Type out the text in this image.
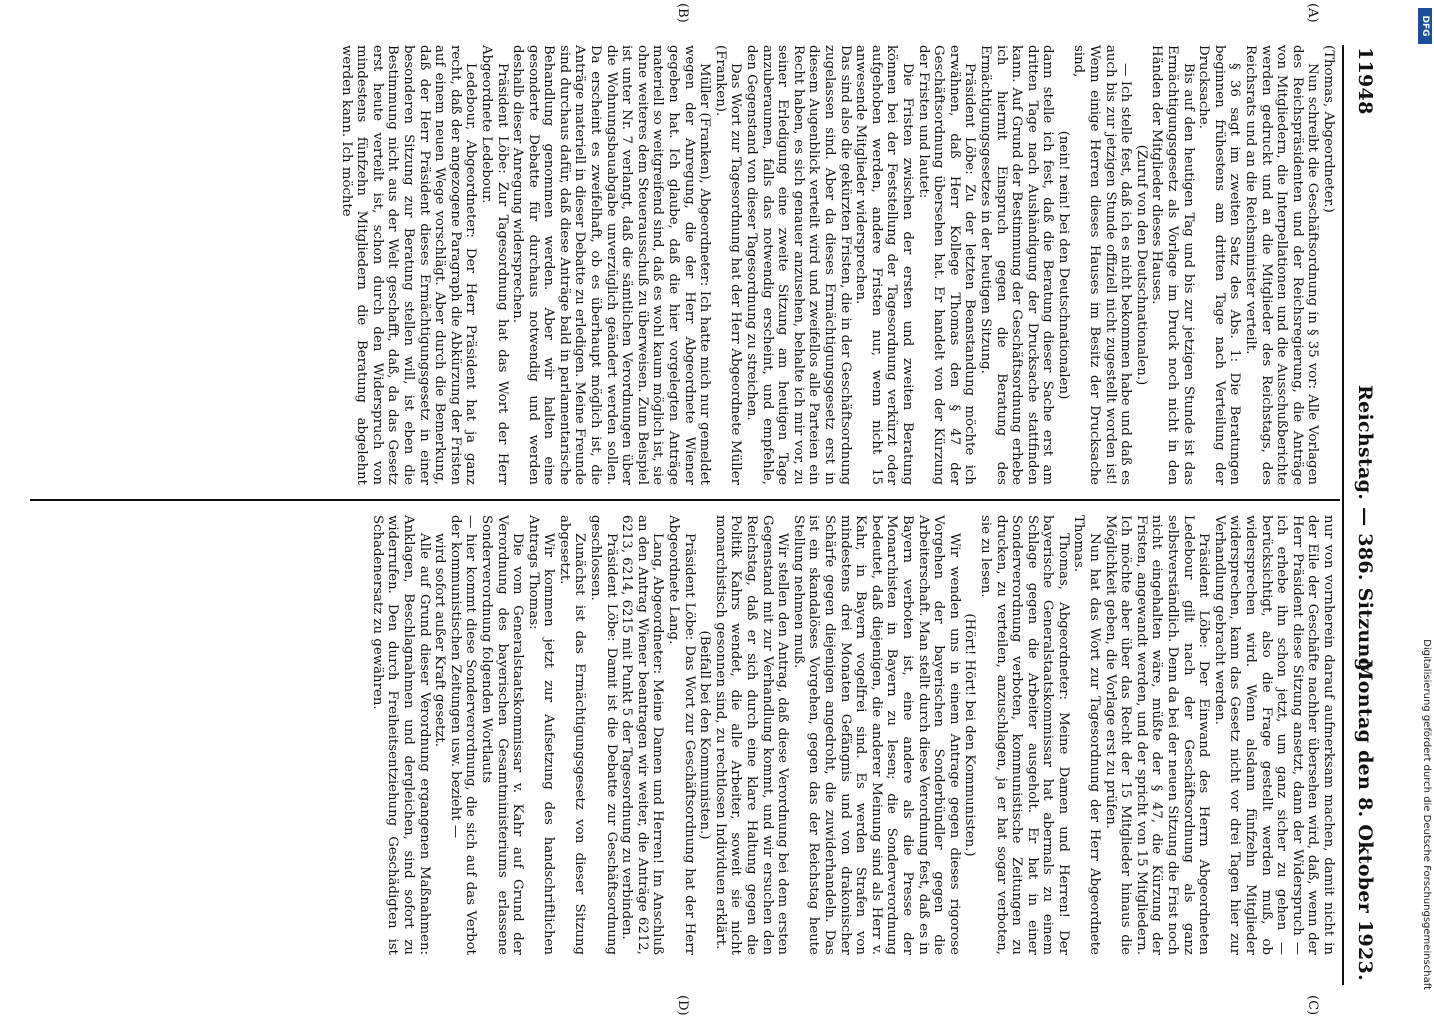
11948
Reichstag. — 386. Sitzung.
Montag den 8. Oktober 1923.

(Thomas, Abgeordneter.)

Nun schreibt die Geschäftsordnung in § 35 vor: Alle Vorlagen des Reichspräsidenten und der Reichsregierung, die Anträge von Mitgliedern, die Interpellationen und die Ausschußberichte werden gedruckt und an die Mitglieder des Reichstags, des Reichsrats und an die Reichsminister verteilt.

§ 36 sagt im zweiten Satz des Abs. 1: Die Beratungen beginnen frühestens am dritten Tage nach Verteilung der Drucksache.

Bis auf den heutigen Tag und bis zur jetzigen Stunde ist das Ermächtigungsgesetz als Vorlage im Druck noch nicht in den Händen der Mitglieder dieses Hauses.

(Zuruf von den Deutschnationalen.)

— Ich stelle fest, daß ich es nicht bekommen habe und daß es auch bis zur jetzigen Stunde offiziell nicht zugestellt worden ist! Wenn einige Herren dieses Hauses im Besitz der Drucksache sind,

(nein! nein! bei den Deutschnationalen)

dann stelle ich fest, daß die Beratung dieser Sache erst am dritten Tage nach Aushändigung der Drucksache stattfinden kann. Auf Grund der Bestimmung der Geschäftsordnung erhebe ich hiermit Einspruch gegen die Beratung des Ermächtigungsgesetzes in der heutigen Sitzung.

Präsident Löbe: Zu der letzten Beanstandung möchte ich erwähnen, daß Herr Kollege Thomas den § 47 der Geschäftsordnung übersehen hat. Er handelt von der Kürzung der Fristen und lautet:

Die Fristen zwischen der ersten und zweiten Beratung können bei der Feststellung der Tagesordnung verkürzt oder aufgehoben werden, andere Fristen nur, wenn nicht 15 anwesende Mitglieder widersprechen.

Das sind also die gekürzten Fristen, die in der Geschäftsordnung zugelassen sind. Aber da dieses Ermächtigungsgesetz erst in diesem Augenblick verteilt wird und zweifellos alle Parteien ein Recht haben, es sich genauer anzusehen, behalte ich mir vor, zu seiner Erledigung eine zweite Sitzung am heutigen Tage anzuberaumen, falls das notwendig erscheint, und empfehle, den Gegenstand von dieser Tagesordnung zu streichen.

Das Wort zur Tagesordnung hat der Herr Abgeordnete Müller (Franken).

Müller (Franken), Abgeordneter: Ich hatte mich nur gemeldet wegen der Anregung, die der Herr Abgeordnete Wiener gegeben hat. Ich glaube, daß die hier vorgelegten Anträge materiell so weitgreifend sind, daß es wohl kaum möglich ist, sie ohne weiteres dem Steuerausschuß zu überweisen. Zum Beispiel ist unter Nr. 7 verlangt, daß die sämtlichen Verordnungen über die Wohnungsbauabgabe unverzüglich geändert werden sollen. Da erscheint es zweifelhaft, ob es überhaupt möglich ist, die Anträge materiell in dieser Debatte zu erledigen. Meine Freunde sind durchaus dafür, daß diese Anträge bald in parlamentarische Behandlung genommen werden. Aber wir halten eine gesonderte Debatte für durchaus notwendig und werden deshalb dieser Anregung widersprechen.

Präsident Löbe: Zur Tagesordnung hat das Wort der Herr Abgeordnete Ledebour.

Ledebour, Abgeordneter: Der Herr Präsident hat ja ganz recht, daß der angezogene Paragraph die Abkürzung der Fristen auf einem neuen Wege vorschlägt. Aber durch die Bemerkung, daß der Herr Präsident dieses Ermächtigungsgesetz in einer besonderen Sitzung zur Beratung stellen will, ist eben die Bestimmung nicht aus der Welt geschafft, daß, da das Gesetz erst heute verteilt ist, schon durch den Widerspruch von mindestens fünfzehn Mitgliedern die Beratung abgelehnt werden kann. Ich möchte

nur von vornherein darauf aufmerksam machen, damit nicht in der Eile der Geschäfte nachher übersehen wird, daß, wenn der Herr Präsident diese Sitzung ansetzt, dann der Widerspruch — ich erhebe ihn schon jetzt, um ganz sicher zu gehen — berücksichtigt, also die Frage gestellt werden muß, ob widersprechen wird. Wenn alsdann fünfzehn Mitglieder widersprechen, kann das Gesetz nicht vor drei Tagen hier zur Verhandlung gebracht werden.

Präsident Löbe: Der Einwand des Herrn Abgeordneten Ledebour gilt nach der Geschäftsordnung als ganz selbstverständlich. Denn da bei der neuen Sitzung die Frist noch nicht eingehalten wäre, müßte der § 47, die Kürzung der Fristen, angewandt werden, und der spricht von 15 Mitgliedern. Ich möchte aber über das Recht der 15 Mitglieder hinaus die Möglichkeit geben, die Vorlage erst zu prüfen.

Nun hat das Wort zur Tagesordnung der Herr Abgeordnete Thomas.

Thomas, Abgeordneter: Meine Damen und Herren! Der bayerische Generalstaatskommissar hat abermals zu einem Schlage gegen die Arbeiter ausgeholt. Er hat in einer Sonderverordnung verboten, kommunistische Zeitungen zu drucken, zu verteilen, anzuschlagen, ja er hat sogar verboten, sie zu lesen.

(Hört! Hört! bei den Kommunisten.)

Wir wenden uns in einem Antrage gegen dieses rigorose Vorgehen der bayerischen Sonderbündler gegen die Arbeiterschaft. Man stellt durch diese Verordnung fest, daß es in Bayern verboten ist, eine andere als die Presse der Monarchisten in Bayern zu lesen; die Sonderverordnung bedeutet, daß diejenigen, die anderer Meinung sind als Herr v. Kahr, in Bayern vogelfrei sind. Es werden Strafen von mindestens drei Monaten Gefängnis und von drakonischer Schärfe gegen diejenigen angedroht, die zuwiderhandeln. Das ist ein skandalöses Vorgehen, gegen das der Reichstag heute Stellung nehmen muß.

Wir stellen den Antrag, daß diese Verordnung bei dem ersten Gegenstand mit zur Verhandlung kommt, und wir ersuchen den Reichstag, daß er sich durch eine klare Haltung gegen die Politik Kahrs wendet, die alle Arbeiter, soweit sie nicht monarchistisch gesonnen sind, zu rechtlosen Individuen erklärt.

(Beifall bei den Kommunisten.)

Präsident Löbe: Das Wort zur Geschäftsordnung hat der Herr Abgeordnete Lang.

Lang, Abgeordneter: Meine Damen und Herren! Im Anschluß an den Antrag Wiener beantragen wir weiter, die Anträge 6212, 6213, 6214, 6215 mit Punkt 5 der Tagesordnung zu verbinden.

Präsident Löbe: Damit ist die Debatte zur Geschäftsordnung geschlossen.

Zunächst ist das Ermächtigungsgesetz von dieser Sitzung abgesetzt.

Wir kommen jetzt zur Aufsetzung des handschriftlichen Antrags Thomas:

Die vom Generalstaatskommissar v. Kahr auf Grund der Verordnung des bayerischen Gesamtministeriums erlassene Sonderverordnung folgenden Wortlauts

— hier kommt diese Sonderverordnung, die sich auf das Verbot der kommunistischen Zeitungen usw. bezieht —

wird sofort außer Kraft gesetzt.

Alle auf Grund dieser Verordnung ergangenen Maßnahmen: Anklagen, Beschlagnahmen und dergleichen, sind sofort zu widerrufen. Den durch Freiheitsentziehung Geschädigten ist Schadenersatz zu gewähren.

(A)
(B)
(C)
(D)
Digitalisierung gefördert durch die Deutsche Forschungsgemeinschaft
DFG
